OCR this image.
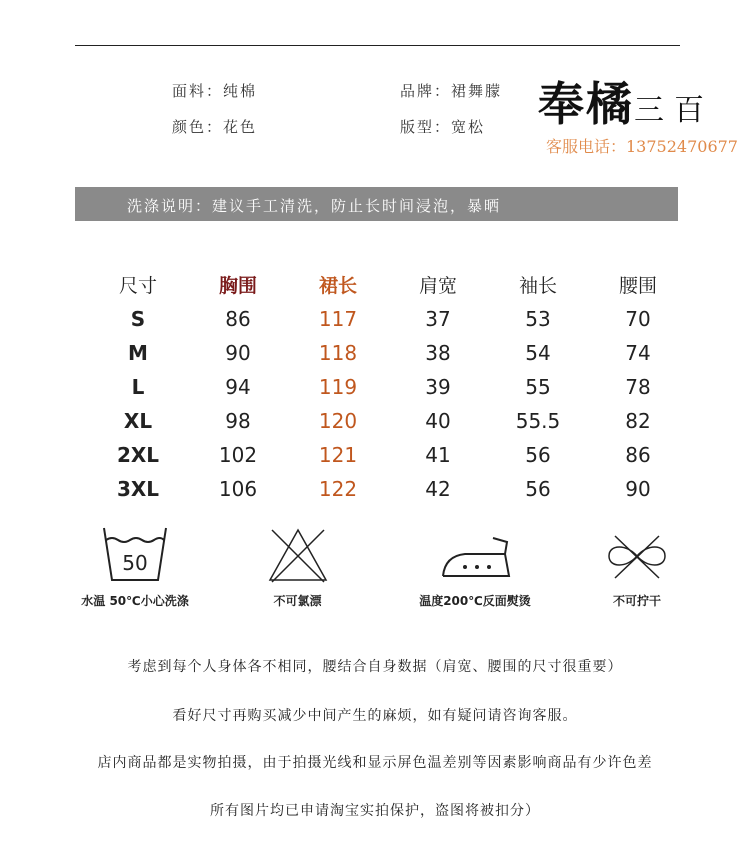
面料：纯棉	品牌：裙舞朦
颜色：花色	版型：宽松 奉橘三百
客服电话：13752470677
洗涤说明：建议手工清洗，防止长时间浸泡，暴晒
尺寸	胸围	裙长	肩宽	袖长	腰围
S	86	117	37	53	70
M	90	118	38	54	74
L	94	119	39	55	78
XL	98	120	40	55.5	82
2XL	102	121	41	56	86
3XL	106	122	42	56	90
50
水温 50℃小心洗涤	不可氯漂	温度200℃反面熨烫	不可拧干
考虑到每个人身体各不相同，腰结合自身数据（肩宽、腰围的尺寸很重要）
看好尺寸再购买减少中间产生的麻烦，如有疑问请咨询客服。
店内商品都是实物拍摄，由于拍摄光线和显示屏色温差别等因素影响商品有少许色差
所有图片均已申请淘宝实拍保护，盗图将被扣分）
